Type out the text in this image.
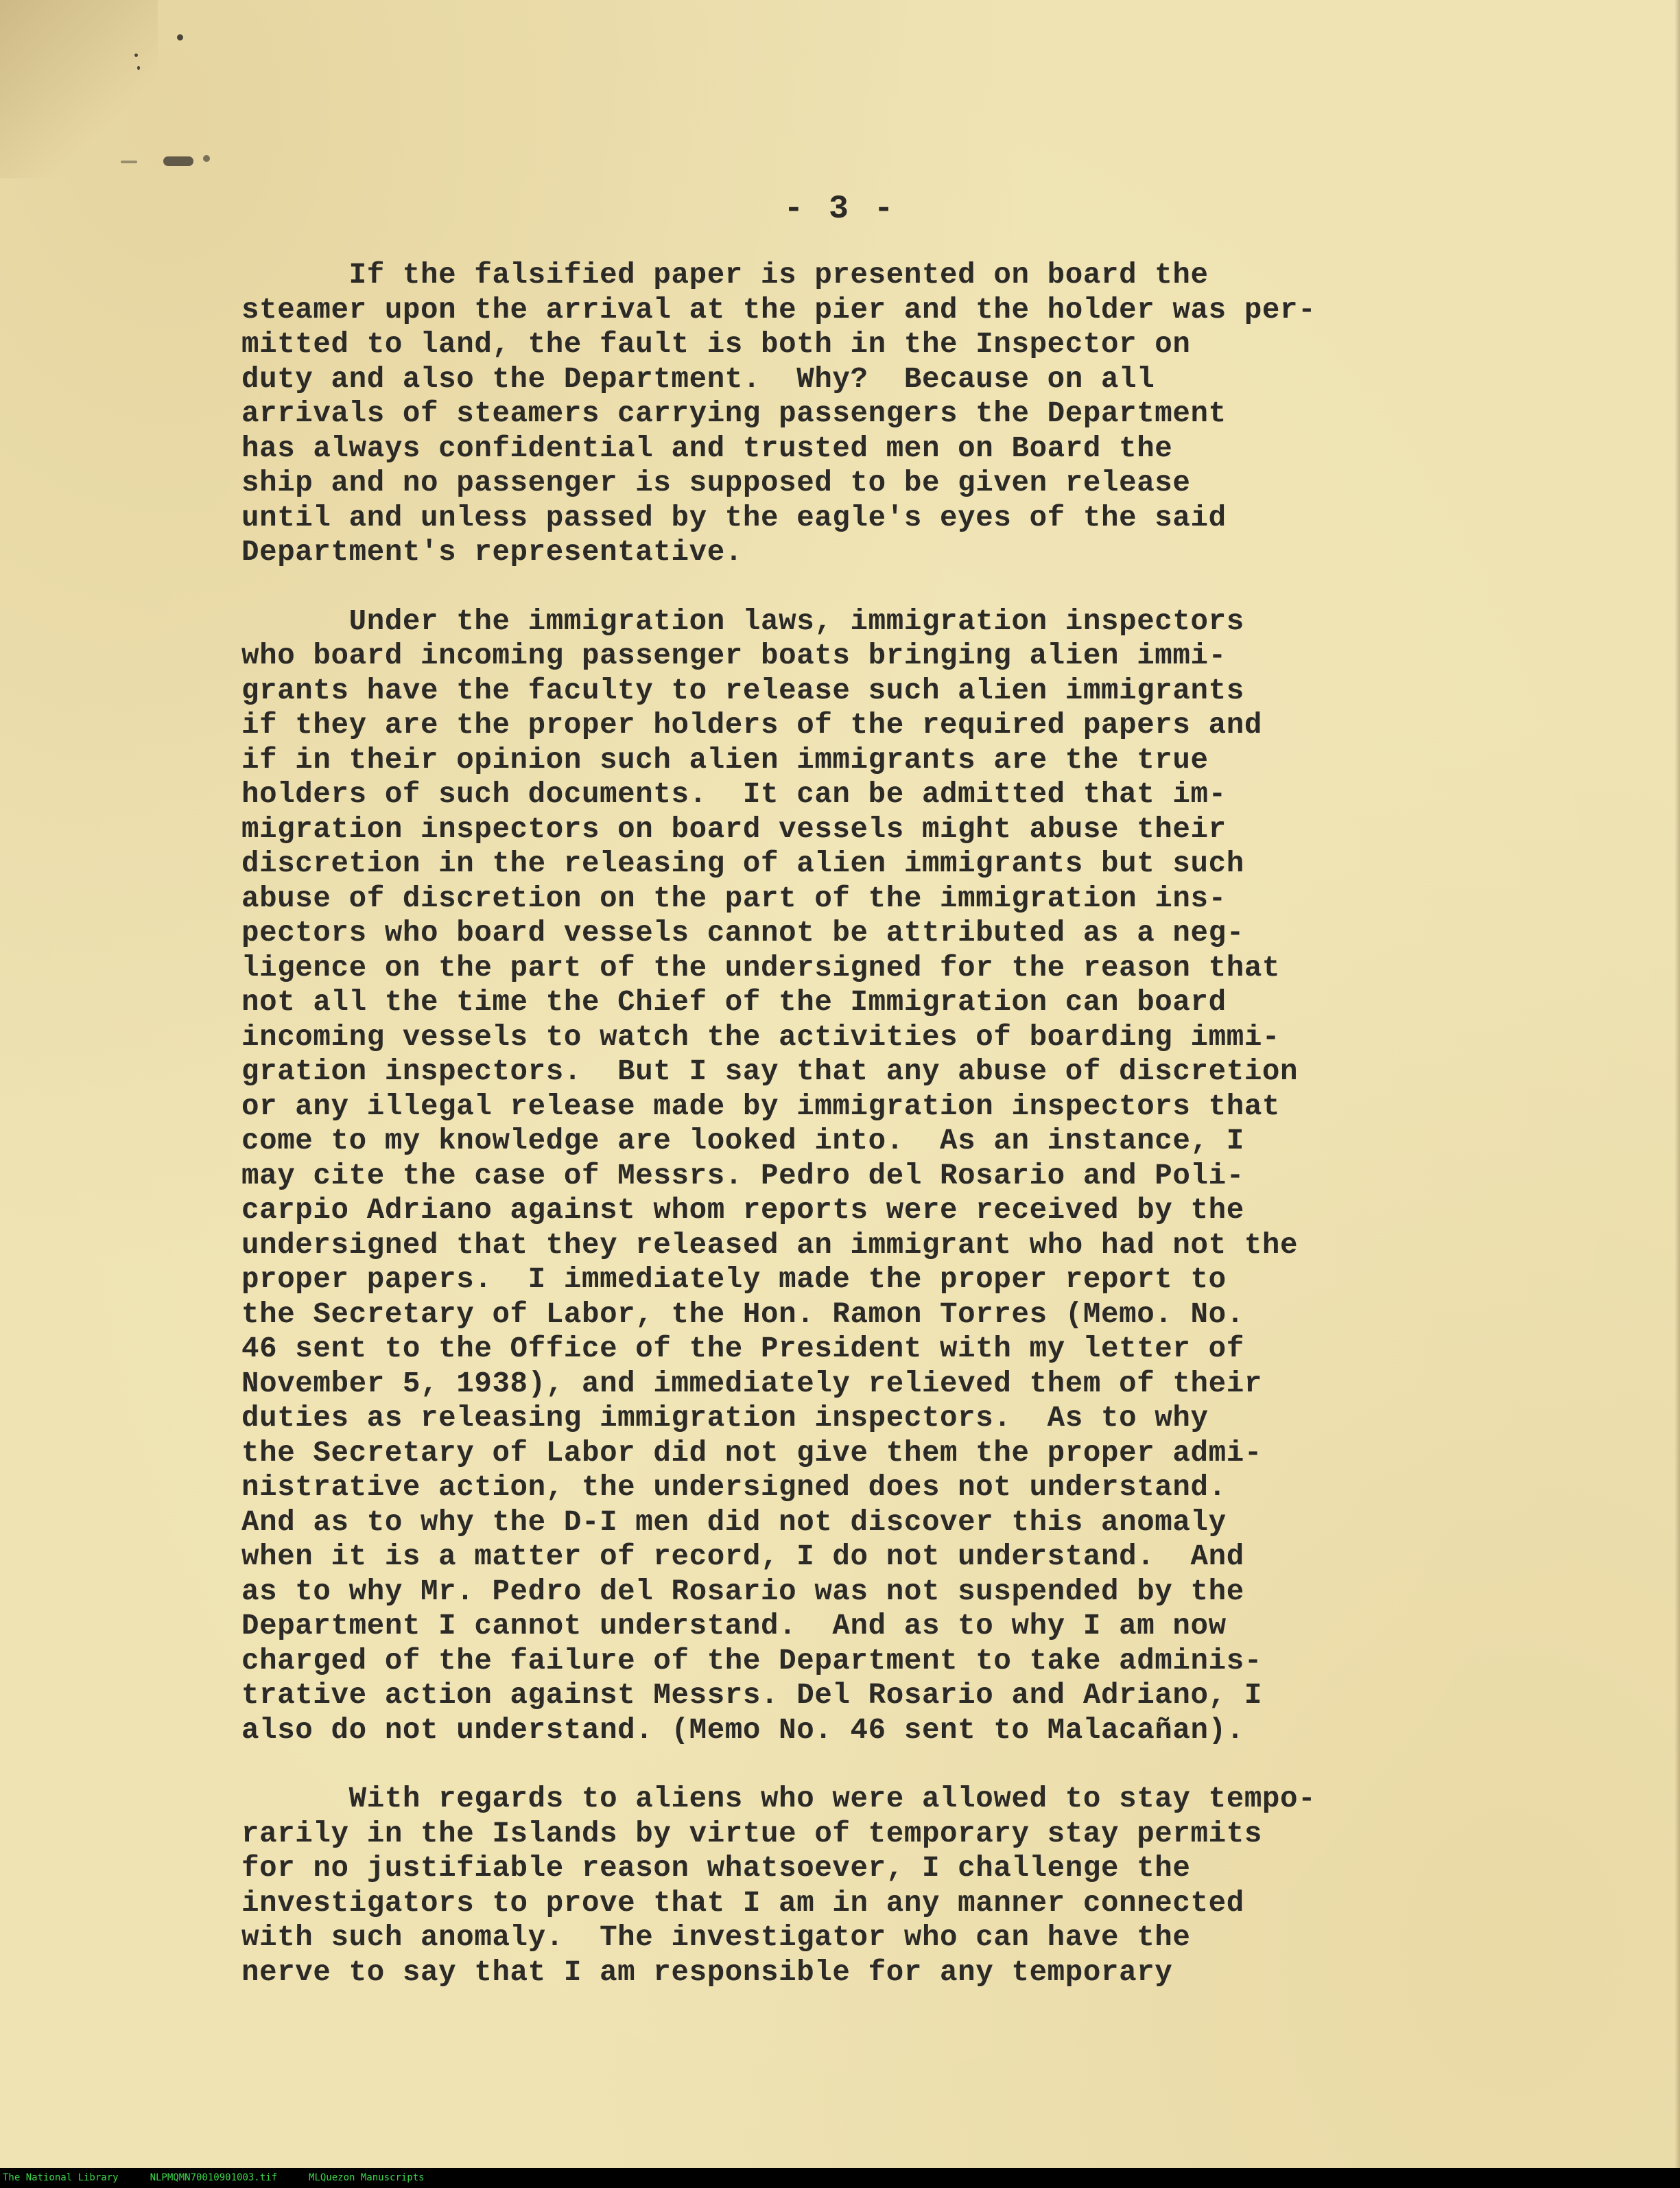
- 3 -
If the falsified paper is presented on board the
steamer upon the arrival at the pier and the holder was per-
mitted to land, the fault is both in the Inspector on
duty and also the Department.  Why?  Because on all
arrivals of steamers carrying passengers the Department
has always confidential and trusted men on Board the
ship and no passenger is supposed to be given release
until and unless passed by the eagle's eyes of the said
Department's representative.
Under the immigration laws, immigration inspectors
who board incoming passenger boats bringing alien immi-
grants have the faculty to release such alien immigrants
if they are the proper holders of the required papers and
if in their opinion such alien immigrants are the true
holders of such documents.  It can be admitted that im-
migration inspectors on board vessels might abuse their
discretion in the releasing of alien immigrants but such
abuse of discretion on the part of the immigration ins-
pectors who board vessels cannot be attributed as a neg-
ligence on the part of the undersigned for the reason that
not all the time the Chief of the Immigration can board
incoming vessels to watch the activities of boarding immi-
gration inspectors.  But I say that any abuse of discretion
or any illegal release made by immigration inspectors that
come to my knowledge are looked into.  As an instance, I
may cite the case of Messrs. Pedro del Rosario and Poli-
carpio Adriano against whom reports were received by the
undersigned that they released an immigrant who had not the
proper papers.  I immediately made the proper report to
the Secretary of Labor, the Hon. Ramon Torres (Memo. No.
46 sent to the Office of the President with my letter of
November 5, 1938), and immediately relieved them of their
duties as releasing immigration inspectors.  As to why
the Secretary of Labor did not give them the proper admi-
nistrative action, the undersigned does not understand.
And as to why the D-I men did not discover this anomaly
when it is a matter of record, I do not understand.  And
as to why Mr. Pedro del Rosario was not suspended by the
Department I cannot understand.  And as to why I am now
charged of the failure of the Department to take adminis-
trative action against Messrs. Del Rosario and Adriano, I
also do not understand. (Memo No. 46 sent to Malacañan).
With regards to aliens who were allowed to stay tempo-
rarily in the Islands by virtue of temporary stay permits
for no justifiable reason whatsoever, I challenge the
investigators to prove that I am in any manner connected
with such anomaly.  The investigator who can have the
nerve to say that I am responsible for any temporary
The National Library	NLPMQMN70010901003.tif	MLQuezon Manuscripts
